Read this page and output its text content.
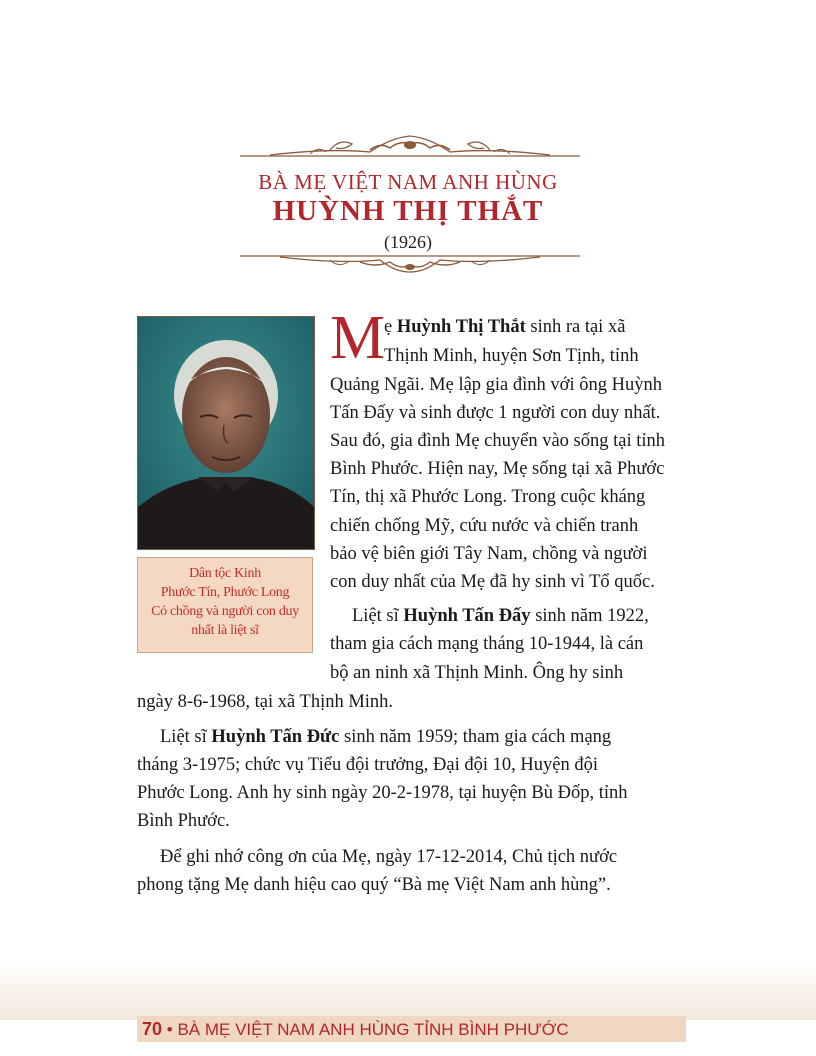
BÀ MẸ VIỆT NAM ANH HÙNG
HUỲNH THỊ THẮT
(1926)
Dân tộc Kinh
Phước Tín, Phước Long
Có chồng và người con duy
nhất là liệt sĩ
M
ẹ Huỳnh Thị Thắt sinh ra tại xã
Thịnh Minh, huyện Sơn Tịnh, tỉnh
Quảng Ngãi. Mẹ lập gia đình với ông Huỳnh
Tấn Đấy và sinh được 1 người con duy nhất.
Sau đó, gia đình Mẹ chuyển vào sống tại tỉnh
Bình Phước. Hiện nay, Mẹ sống tại xã Phước
Tín, thị xã Phước Long. Trong cuộc kháng
chiến chống Mỹ, cứu nước và chiến tranh
bảo vệ biên giới Tây Nam, chồng và người
con duy nhất của Mẹ đã hy sinh vì Tổ quốc.
Liệt sĩ Huỳnh Tấn Đấy sinh năm 1922,
tham gia cách mạng tháng 10-1944, là cán
bộ an ninh xã Thịnh Minh. Ông hy sinh
ngày 8-6-1968, tại xã Thịnh Minh.
Liệt sĩ Huỳnh Tấn Đức sinh năm 1959; tham gia cách mạng
tháng 3-1975; chức vụ Tiểu đội trưởng, Đại đội 10, Huyện đội
Phước Long. Anh hy sinh ngày 20-2-1978, tại huyện Bù Đốp, tỉnh
Bình Phước.
Để ghi nhớ công ơn của Mẹ, ngày 17-12-2014, Chủ tịch nước
phong tặng Mẹ danh hiệu cao quý “Bà mẹ Việt Nam anh hùng”.
70 • BÀ MẸ VIỆT NAM ANH HÙNG TỈNH BÌNH PHƯỚC
